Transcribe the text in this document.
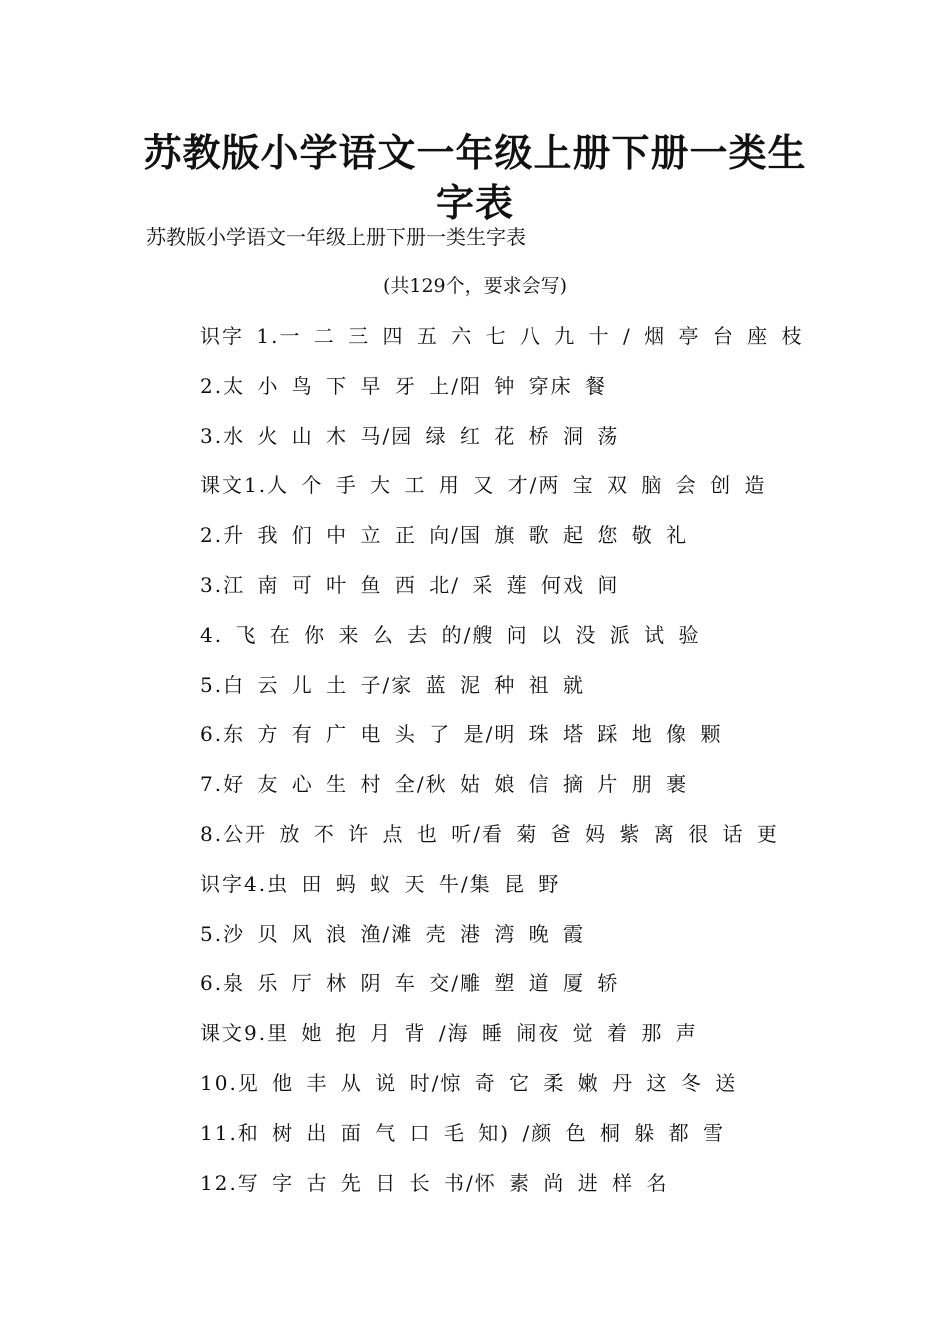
苏教版小学语文一年级上册下册一类生字表
苏教版小学语文一年级上册下册一类生字表
(共129个，要求会写)
识字 1.一 二 三 四 五 六 七 八 九 十 / 烟 亭 台 座 枝
2.太 小 鸟 下 早 牙 上/阳 钟 穿床 餐
3.水 火 山 木 马/园 绿 红 花 桥 洞 荡
课文1.人 个 手 大 工 用 又 才/两 宝 双 脑 会 创 造
2.升 我 们 中 立 正 向/国 旗 歌 起 您 敬 礼
3.江 南 可 叶 鱼 西 北/ 采 莲 何戏 间
4. 飞 在 你 来 么 去 的/艘 问 以 没 派 试 验
5.白 云 儿 土 子/家 蓝 泥 种 祖 就
6.东 方 有 广 电 头 了 是/明 珠 塔 踩 地 像 颗
7.好 友 心 生 村 全/秋 姑 娘 信 摘 片 朋 裹
8.公开 放 不 许 点 也 听/看 菊 爸 妈 紫 离 很 话 更
识字4.虫 田 蚂 蚁 天 牛/集 昆 野
5.沙 贝 风 浪 渔/滩 壳 港 湾 晚 霞
6.泉 乐 厅 林 阴 车 交/雕 塑 道 厦 轿
课文9.里 她 抱 月 背 /海 睡 闹夜 觉 着 那 声
10.见 他 丰 从 说 时/惊 奇 它 柔 嫩 丹 这 冬 送
11.和 树 出 面 气 口 毛 知) /颜 色 桐 躲 都 雪
12.写 字 古 先 日 长 书/怀 素 尚 进 样 名
